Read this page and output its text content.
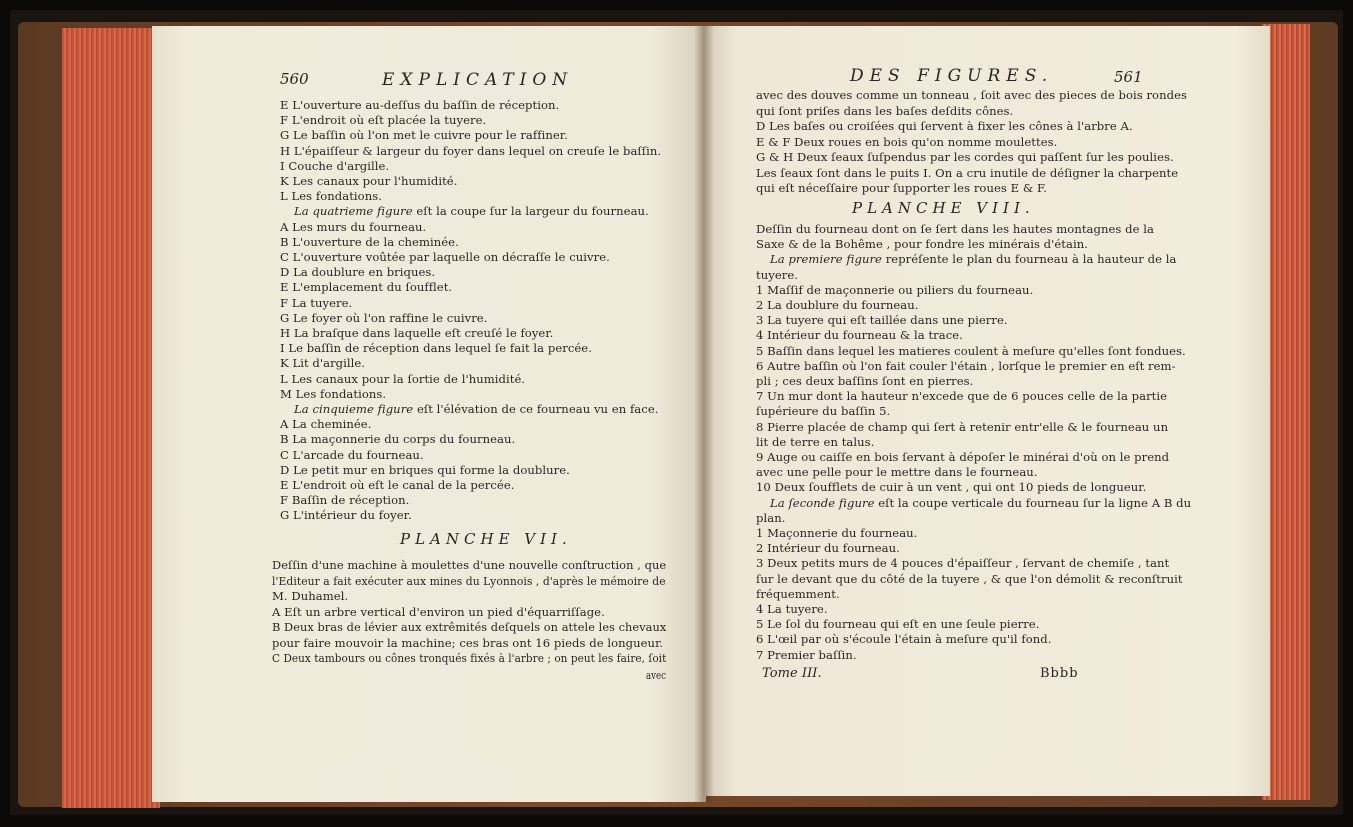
560	EXPLICATION
E L'ouverture au-deſſus du baſſin de réception.
F L'endroit où eſt placée la tuyere.
G Le baſſin où l'on met le cuivre pour le raffiner.
H L'épaiſſeur & largeur du foyer dans lequel on creuſe le baſſin.
I Couche d'argille.
K Les canaux pour l'humidité.
L Les fondations.
La quatrieme figure eſt la coupe ſur la largeur du fourneau.
A Les murs du fourneau.
B L'ouverture de la cheminée.
C L'ouverture voûtée par laquelle on décraſſe le cuivre.
D La doublure en briques.
E L'emplacement du ſoufflet.
F La tuyere.
G Le foyer où l'on raffine le cuivre.
H La braſque dans laquelle eſt creuſé le foyer.
I Le baſſin de réception dans lequel ſe fait la percée.
K Lit d'argille.
L Les canaux pour la ſortie de l'humidité.
M Les fondations.
La cinquieme figure eſt l'élévation de ce fourneau vu en face.
A La cheminée.
B La maçonnerie du corps du fourneau.
C L'arcade du fourneau.
D Le petit mur en briques qui forme la doublure.
E L'endroit où eſt le canal de la percée.
F Baſſin de réception.
G L'intérieur du foyer.
PLANCHE VII.
Deſſin d'une machine à moulettes d'une nouvelle conſtruction , que
l'Editeur a fait exécuter aux mines du Lyonnois , d'après le mémoire de
M. Duhamel.
A Eſt un arbre vertical d'environ un pied d'équarriſſage.
B Deux bras de lévier aux extrêmités deſquels on attele les chevaux
pour faire mouvoir la machine; ces bras ont 16 pieds de longueur.
C Deux tambours ou cônes tronqués fixés à l'arbre ; on peut les faire, ſoit
avec
DES FIGURES.	561
avec des douves comme un tonneau , ſoit avec des pieces de bois rondes
qui ſont priſes dans les baſes deſdits cônes.
D Les baſes ou croiſées qui ſervent à fixer les cônes à l'arbre A.
E & F Deux roues en bois qu'on nomme moulettes.
G & H Deux ſeaux ſuſpendus par les cordes qui paſſent ſur les poulies.
Les ſeaux ſont dans le puits I. On a cru inutile de déſigner la charpente
qui eſt néceſſaire pour ſupporter les roues E & F.
PLANCHE VIII.
Deſſin du fourneau dont on ſe ſert dans les hautes montagnes de la
Saxe & de la Bohême , pour fondre les minérais d'étain.
La premiere figure repréſente le plan du fourneau à la hauteur de la
tuyere.
1 Maſſif de maçonnerie ou piliers du fourneau.
2 La doublure du fourneau.
3 La tuyere qui eſt taillée dans une pierre.
4 Intérieur du fourneau & la trace.
5 Baſſin dans lequel les matieres coulent à meſure qu'elles ſont fondues.
6 Autre baſſin où l'on fait couler l'étain , lorſque le premier en eſt rem-
pli ; ces deux baſſins ſont en pierres.
7 Un mur dont la hauteur n'excede que de 6 pouces celle de la partie
ſupérieure du baſſin 5.
8 Pierre placée de champ qui ſert à retenir entr'elle & le fourneau un
lit de terre en talus.
9 Auge ou caiſſe en bois ſervant à dépoſer le minérai d'où on le prend
avec une pelle pour le mettre dans le fourneau.
10 Deux ſoufflets de cuir à un vent , qui ont 10 pieds de longueur.
La ſeconde figure eſt la coupe verticale du fourneau ſur la ligne A B du
plan.
1 Maçonnerie du fourneau.
2 Intérieur du fourneau.
3 Deux petits murs de 4 pouces d'épaiſſeur , ſervant de chemiſe , tant
ſur le devant que du côté de la tuyere , & que l'on démolit & reconſtruit
fréquemment.
4 La tuyere.
5 Le ſol du fourneau qui eſt en une ſeule pierre.
6 L'œil par où s'écoule l'étain à meſure qu'il fond.
7 Premier baſſin.
Tome III.	Bbbb
